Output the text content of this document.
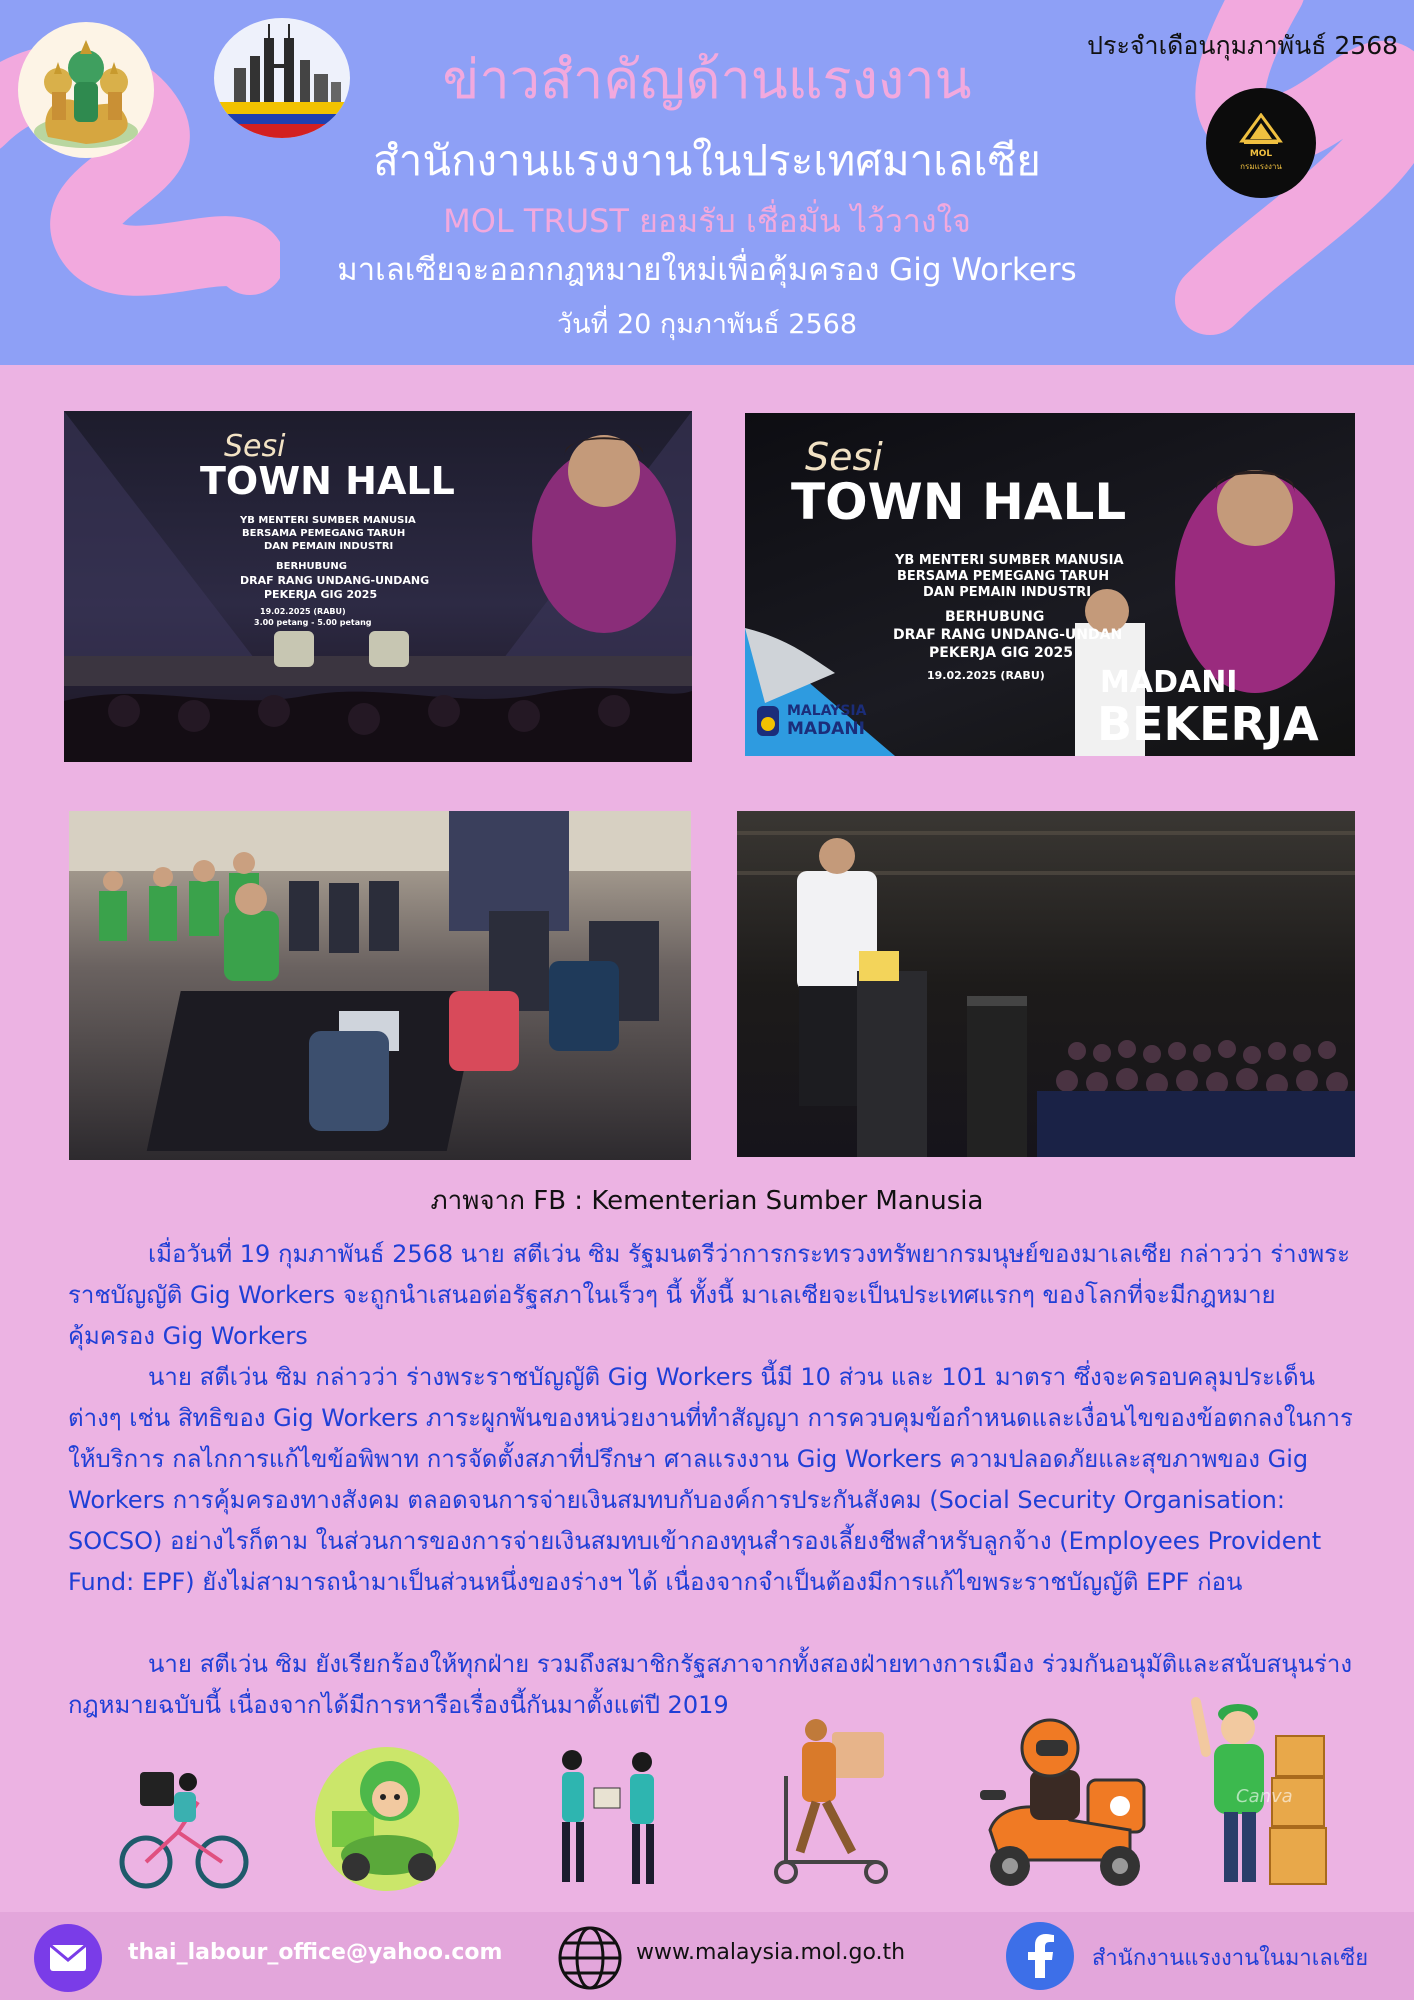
ประจำเดือนกุมภาพันธ์ 2568
MOL
กรมแรงงาน
ข่าวสำคัญด้านแรงงาน
สำนักงานแรงงานในประเทศมาเลเซีย
MOL TRUST ยอมรับ เชื่อมั่น ไว้วางใจ
มาเลเซียจะออกกฎหมายใหม่เพื่อคุ้มครอง Gig Workers
วันที่ 20 กุมภาพันธ์ 2568
Sesi
TOWN HALL
YB MENTERI SUMBER MANUSIA
BERSAMA PEMEGANG TARUH
DAN PEMAIN INDUSTRI
BERHUBUNG
DRAF RANG UNDANG-UNDANG
PEKERJA GIG 2025
19.02.2025 (RABU)
3.00 petang - 5.00 petang
Sesi
TOWN HALL
YB MENTERI SUMBER MANUSIA
BERSAMA PEMEGANG TARUH
DAN PEMAIN INDUSTRI
BERHUBUNG
DRAF RANG UNDANG-UNDAN
PEKERJA GIG 2025
19.02.2025 (RABU)
MALAYSIA
MADANI
MADANI
BEKERJA
ภาพจาก FB : Kementerian Sumber Manusia
เมื่อวันที่ 19 กุมภาพันธ์ 2568 นาย สตีเว่น ซิม รัฐมนตรีว่าการกระทรวงทรัพยากรมนุษย์ของมาเลเซีย กล่าวว่า ร่างพระราชบัญญัติ Gig Workers จะถูกนำเสนอต่อรัฐสภาในเร็วๆ นี้ ทั้งนี้ มาเลเซียจะเป็นประเทศแรกๆ ของโลกที่จะมีกฎหมายคุ้มครอง Gig Workers
นาย สตีเว่น ซิม กล่าวว่า ร่างพระราชบัญญัติ Gig Workers นี้มี 10 ส่วน และ 101 มาตรา ซึ่งจะครอบคลุมประเด็นต่างๆ เช่น สิทธิของ Gig Workers ภาระผูกพันของหน่วยงานที่ทำสัญญา การควบคุมข้อกำหนดและเงื่อนไขของข้อตกลงในการให้บริการ กลไกการแก้ไขข้อพิพาท การจัดตั้งสภาที่ปรึกษา ศาลแรงงาน Gig Workers ความปลอดภัยและสุขภาพของ Gig Workers การคุ้มครองทางสังคม ตลอดจนการจ่ายเงินสมทบกับองค์การประกันสังคม (Social Security Organisation: SOCSO) อย่างไรก็ตาม ในส่วนการของการจ่ายเงินสมทบเข้ากองทุนสำรองเลี้ยงชีพสำหรับลูกจ้าง (Employees Provident Fund: EPF) ยังไม่สามารถนำมาเป็นส่วนหนึ่งของร่างฯ ได้ เนื่องจากจำเป็นต้องมีการแก้ไขพระราชบัญญัติ EPF ก่อน
นาย สตีเว่น ซิม ยังเรียกร้องให้ทุกฝ่าย รวมถึงสมาชิกรัฐสภาจากทั้งสองฝ่ายทางการเมือง ร่วมกันอนุมัติและสนับสนุนร่างกฎหมายฉบับนี้ เนื่องจากได้มีการหารือเรื่องนี้กันมาตั้งแต่ปี 2019
Canva
thai_labour_office@yahoo.com	www.malaysia.mol.go.th	สำนักงานแรงงานในมาเลเซีย
